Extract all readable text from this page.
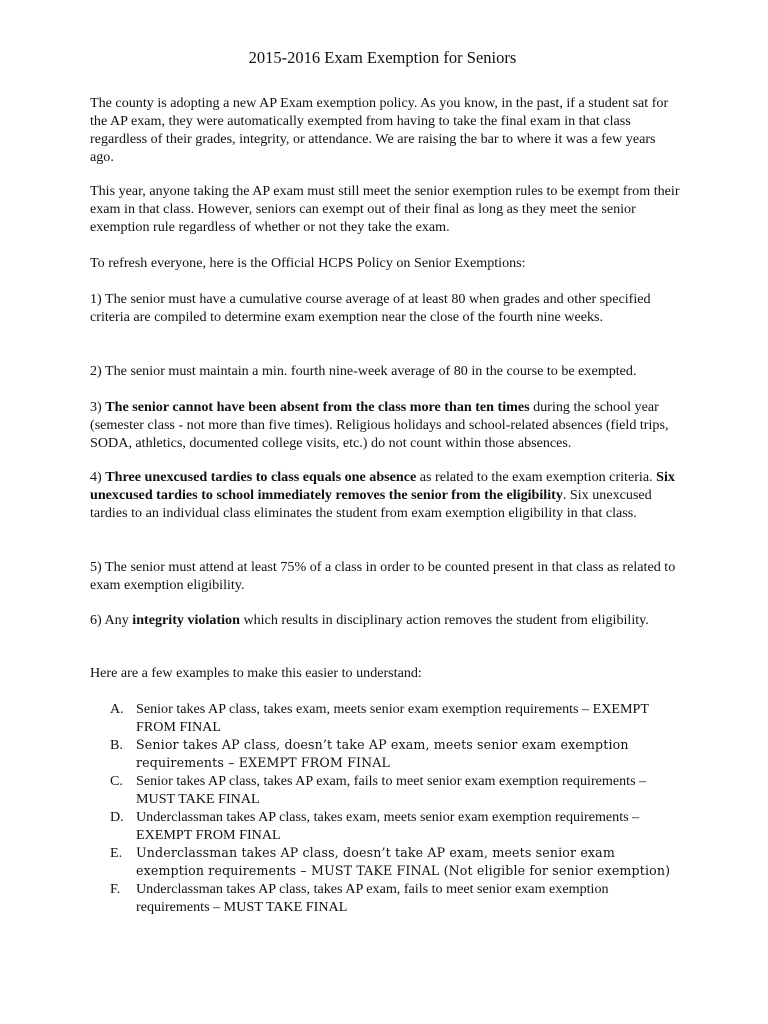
2015-2016 Exam Exemption for Seniors

The county is adopting a new AP Exam exemption policy. As you know, in the past, if a student sat for the AP exam, they were automatically exempted from having to take the final exam in that class regardless of their grades, integrity, or attendance. We are raising the bar to where it was a few years ago.

This year, anyone taking the AP exam must still meet the senior exemption rules to be exempt from their exam in that class. However, seniors can exempt out of their final as long as they meet the senior exemption rule regardless of whether or not they take the exam.

To refresh everyone, here is the Official HCPS Policy on Senior Exemptions:

1) The senior must have a cumulative course average of at least 80 when grades and other specified criteria are compiled to determine exam exemption near the close of the fourth nine weeks.

2) The senior must maintain a min. fourth nine-week average of 80 in the course to be exempted.

3) The senior cannot have been absent from the class more than ten times during the school year (semester class - not more than five times). Religious holidays and school-related absences (field trips, SODA, athletics, documented college visits, etc.) do not count within those absences.

4) Three unexcused tardies to class equals one absence as related to the exam exemption criteria. Six unexcused tardies to school immediately removes the senior from the eligibility. Six unexcused tardies to an individual class eliminates the student from exam exemption eligibility in that class.

5) The senior must attend at least 75% of a class in order to be counted present in that class as related to exam exemption eligibility.

6) Any integrity violation which results in disciplinary action removes the student from eligibility.

Here are a few examples to make this easier to understand:

A. Senior takes AP class, takes exam, meets senior exam exemption requirements – EXEMPT FROM FINAL
B. Senior takes AP class, doesn’t take AP exam, meets senior exam exemption requirements – EXEMPT FROM FINAL
C. Senior takes AP class, takes AP exam, fails to meet senior exam exemption requirements – MUST TAKE FINAL
D. Underclassman takes AP class, takes exam, meets senior exam exemption requirements – EXEMPT FROM FINAL
E. Underclassman takes AP class, doesn’t take AP exam, meets senior exam exemption requirements – MUST TAKE FINAL (Not eligible for senior exemption)
F. Underclassman takes AP class, takes AP exam, fails to meet senior exam exemption requirements – MUST TAKE FINAL
